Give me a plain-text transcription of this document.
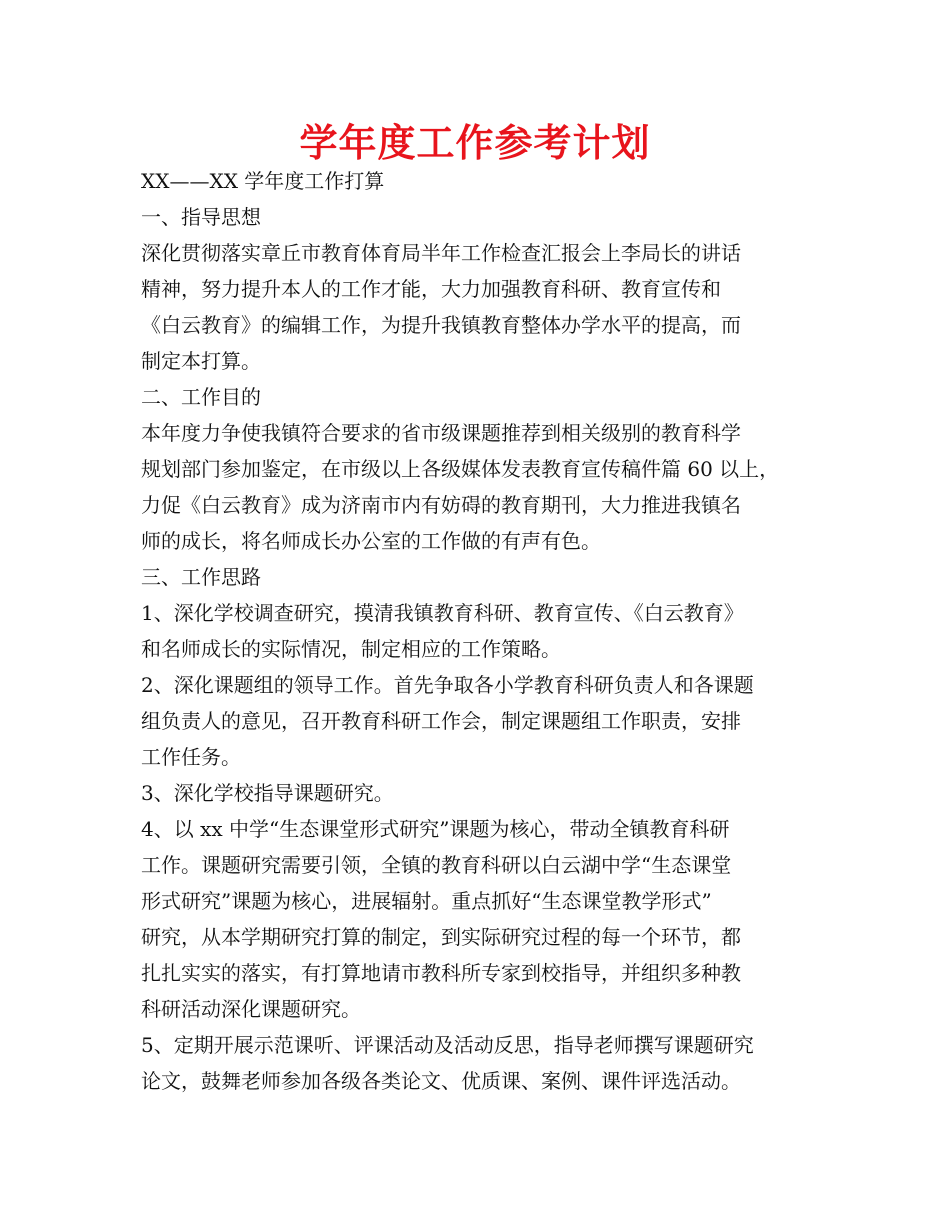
学年度工作参考计划
XX——XX 学年度工作打算
一、指导思想
深化贯彻落实章丘市教育体育局半年工作检查汇报会上李局长的讲话
精神，努力提升本人的工作才能，大力加强教育科研、教育宣传和
《白云教育》的编辑工作，为提升我镇教育整体办学水平的提高，而
制定本打算。
二、工作目的
本年度力争使我镇符合要求的省市级课题推荐到相关级别的教育科学
规划部门参加鉴定，在市级以上各级媒体发表教育宣传稿件篇 60 以上，
力促《白云教育》成为济南市内有妨碍的教育期刊，大力推进我镇名
师的成长，将名师成长办公室的工作做的有声有色。
三、工作思路
1、深化学校调查研究，摸清我镇教育科研、教育宣传、《白云教育》
和名师成长的实际情况，制定相应的工作策略。
2、深化课题组的领导工作。首先争取各小学教育科研负责人和各课题
组负责人的意见，召开教育科研工作会，制定课题组工作职责，安排
工作任务。
3、深化学校指导课题研究。
4、以 xx 中学“生态课堂形式研究”课题为核心，带动全镇教育科研
工作。课题研究需要引领，全镇的教育科研以白云湖中学“生态课堂
形式研究”课题为核心，进展辐射。重点抓好“生态课堂教学形式”
研究，从本学期研究打算的制定，到实际研究过程的每一个环节，都
扎扎实实的落实，有打算地请市教科所专家到校指导，并组织多种教
科研活动深化课题研究。
5、定期开展示范课听、评课活动及活动反思，指导老师撰写课题研究
论文，鼓舞老师参加各级各类论文、优质课、案例、课件评选活动。
